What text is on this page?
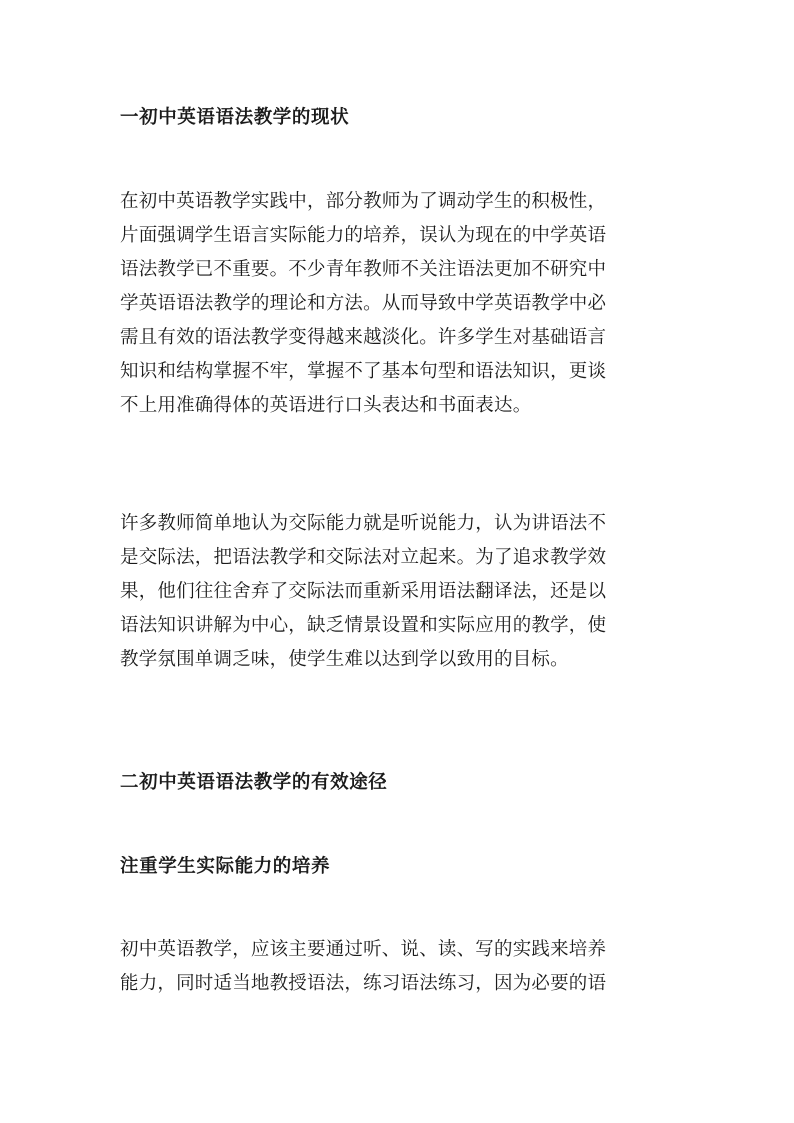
一初中英语语法教学的现状

在初中英语教学实践中，部分教师为了调动学生的积极性，
片面强调学生语言实际能力的培养，误认为现在的中学英语
语法教学已不重要。不少青年教师不关注语法更加不研究中
学英语语法教学的理论和方法。从而导致中学英语教学中必
需且有效的语法教学变得越来越淡化。许多学生对基础语言
知识和结构掌握不牢，掌握不了基本句型和语法知识，更谈
不上用准确得体的英语进行口头表达和书面表达。

许多教师简单地认为交际能力就是听说能力，认为讲语法不
是交际法，把语法教学和交际法对立起来。为了追求教学效
果，他们往往舍弃了交际法而重新采用语法翻译法，还是以
语法知识讲解为中心，缺乏情景设置和实际应用的教学，使
教学氛围单调乏味，使学生难以达到学以致用的目标。

二初中英语语法教学的有效途径
注重学生实际能力的培养

初中英语教学，应该主要通过听、说、读、写的实践来培养
能力，同时适当地教授语法，练习语法练习，因为必要的语
